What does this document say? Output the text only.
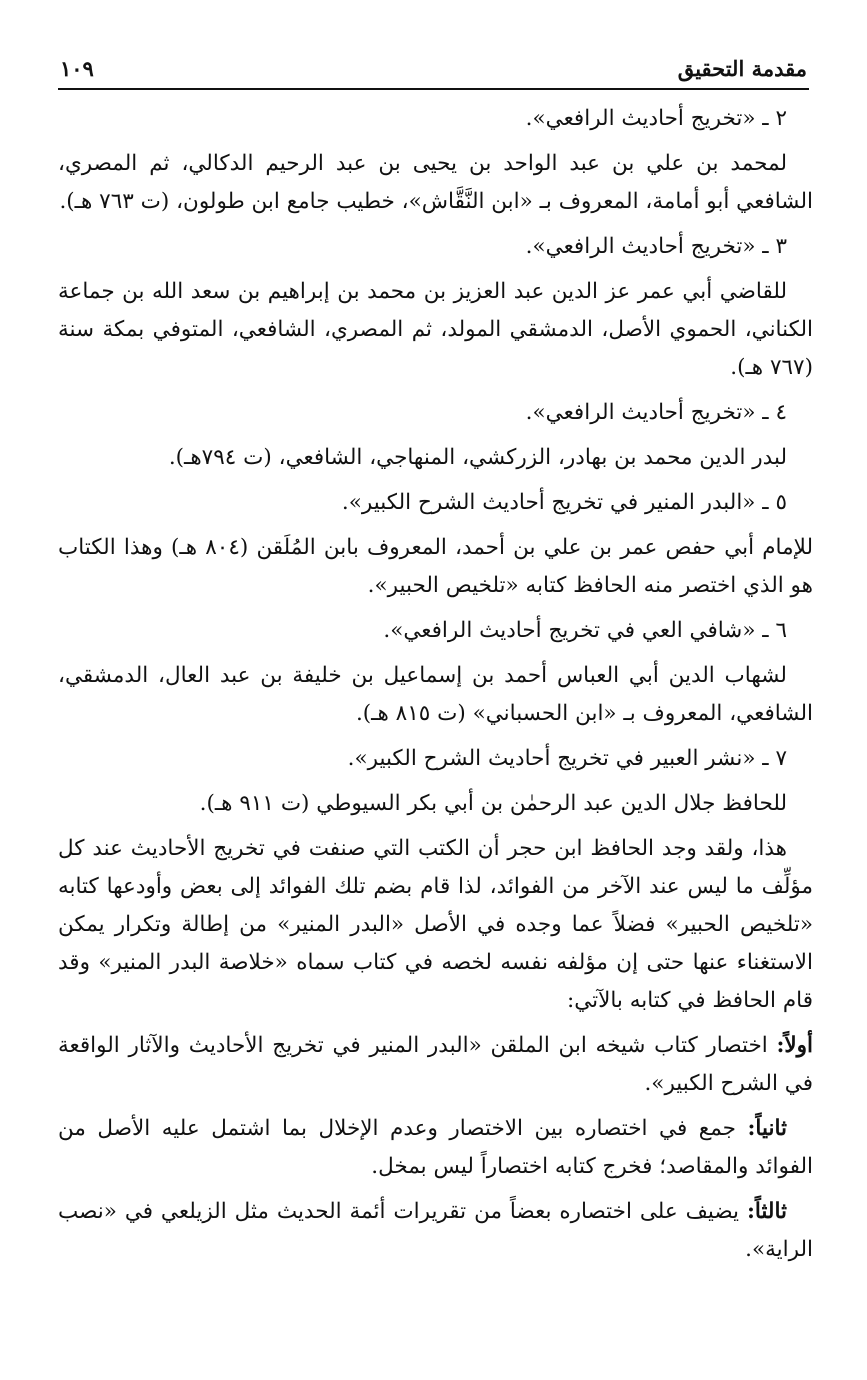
مقدمة التحقيق
١٠٩

٢ ـ «تخريج أحاديث الرافعي».

لمحمد بن علي بن عبد الواحد بن يحيى بن عبد الرحيم الدكالي، ثم المصري، الشافعي أبو أمامة، المعروف بـ «ابن النَّقَّاش»، خطيب جامع ابن طولون، (ت ٧٦٣ هـ).

٣ ـ «تخريج أحاديث الرافعي».

للقاضي أبي عمر عز الدين عبد العزيز بن محمد بن إبراهيم بن سعد الله بن جماعة الكناني، الحموي الأصل، الدمشقي المولد، ثم المصري، الشافعي، المتوفي بمكة سنة (٧٦٧ هـ).

٤ ـ «تخريج أحاديث الرافعي».

لبدر الدين محمد بن بهادر، الزركشي، المنهاجي، الشافعي، (ت ٧٩٤هـ).

٥ ـ «البدر المنير في تخريج أحاديث الشرح الكبير».

للإمام أبي حفص عمر بن علي بن أحمد، المعروف بابن المُلَقن (٨٠٤ هـ) وهذا الكتاب هو الذي اختصر منه الحافظ كتابه «تلخيص الحبير».

٦ ـ «شافي العي في تخريج أحاديث الرافعي».

لشهاب الدين أبي العباس أحمد بن إسماعيل بن خليفة بن عبد العال، الدمشقي، الشافعي، المعروف بـ «ابن الحسباني» (ت ٨١٥ هـ).

٧ ـ «نشر العبير في تخريج أحاديث الشرح الكبير».

للحافظ جلال الدين عبد الرحمٰن بن أبي بكر السيوطي (ت ٩١١ هـ).

هذا، ولقد وجد الحافظ ابن حجر أن الكتب التي صنفت في تخريج الأحاديث عند كل مؤلِّف ما ليس عند الآخر من الفوائد، لذا قام بضم تلك الفوائد إلى بعض وأودعها كتابه «تلخيص الحبير» فضلاً عما وجده في الأصل «البدر المنير» من إطالة وتكرار يمكن الاستغناء عنها حتى إن مؤلفه نفسه لخصه في كتاب سماه «خلاصة البدر المنير» وقد قام الحافظ في كتابه بالآتي:

أولاً: اختصار كتاب شيخه ابن الملقن «البدر المنير في تخريج الأحاديث والآثار الواقعة في الشرح الكبير».

ثانياً: جمع في اختصاره بين الاختصار وعدم الإخلال بما اشتمل عليه الأصل من الفوائد والمقاصد؛ فخرج كتابه اختصاراً ليس بمخل.

ثالثاً: يضيف على اختصاره بعضاً من تقريرات أئمة الحديث مثل الزيلعي في «نصب الراية».
